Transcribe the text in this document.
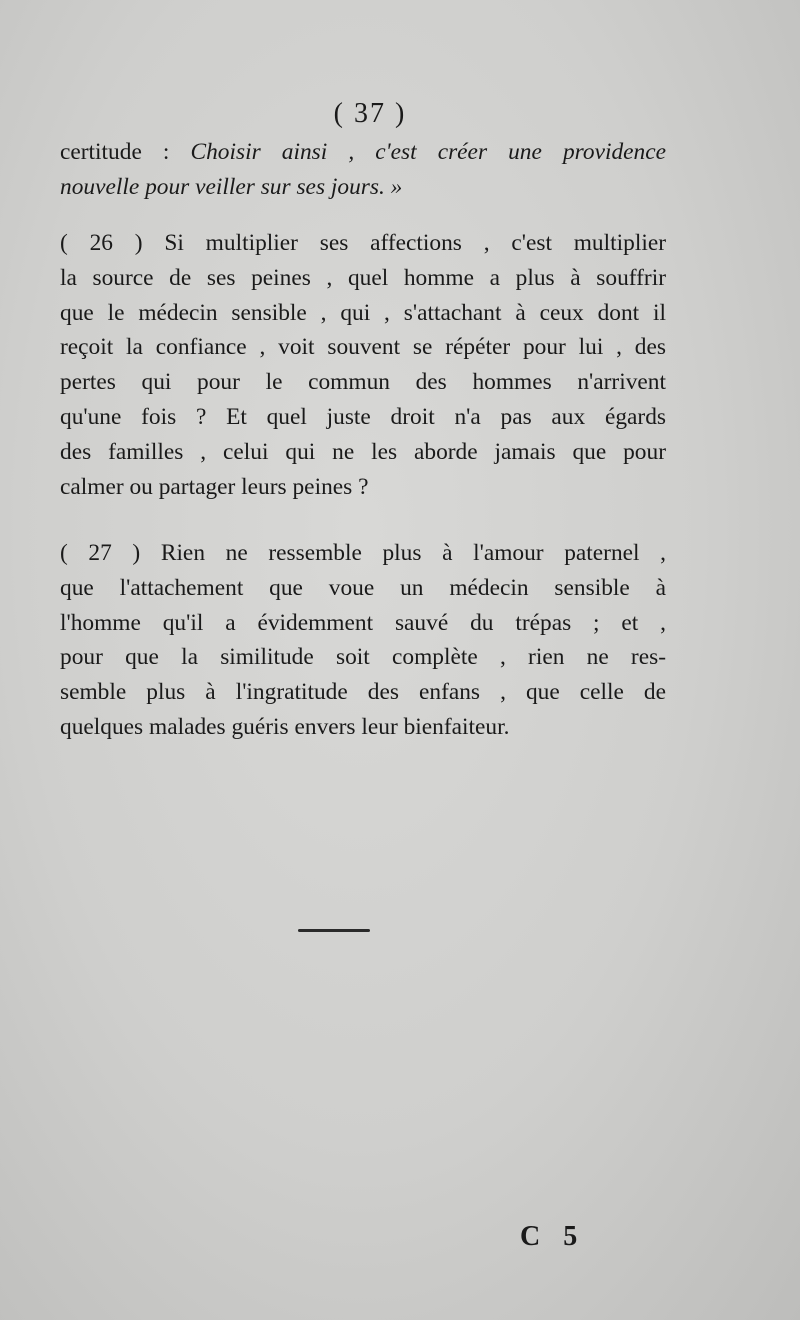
( 37 )
certitude : Choisir ainsi , c'est créer une providence
nouvelle pour veiller sur ses jours. »
( 26 ) Si multiplier ses affections , c'est multiplier
la source de ses peines , quel homme a plus à souffrir
que le médecin sensible , qui , s'attachant à ceux dont il
reçoit la confiance , voit souvent se répéter pour lui , des
pertes qui pour le commun des hommes n'arrivent
qu'une fois ? Et quel juste droit n'a pas aux égards
des familles , celui qui ne les aborde jamais que pour
calmer ou partager leurs peines ?
( 27 ) Rien ne ressemble plus à l'amour paternel ,
que l'attachement que voue un médecin sensible à
l'homme qu'il a évidemment sauvé du trépas ; et ,
pour que la similitude soit complète , rien ne res-
semble plus à l'ingratitude des enfans , que celle de
quelques malades guéris envers leur bienfaiteur.
C 5
